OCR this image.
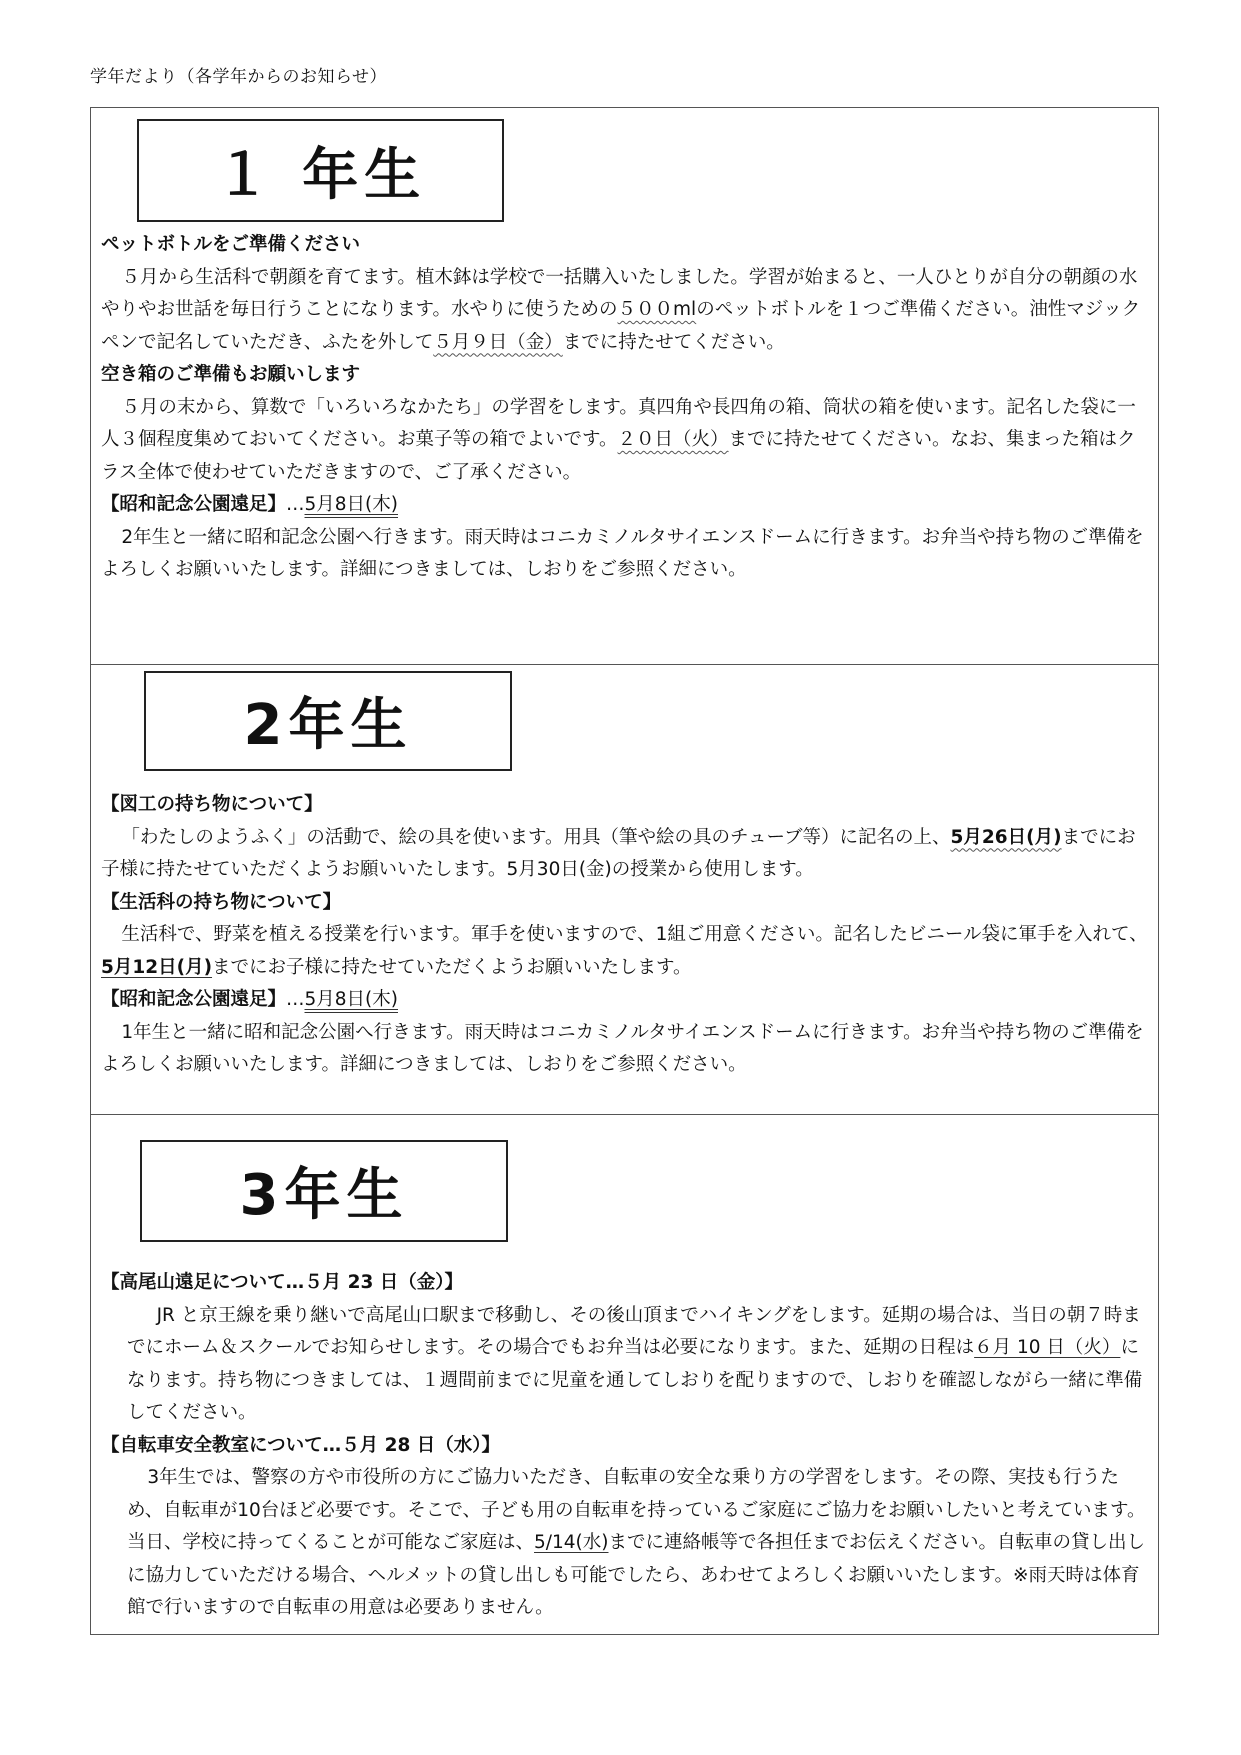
学年だより（各学年からのお知らせ）
１ 年生

ペットボトルをご準備ください

５月から生活科で朝顔を育てます。植木鉢は学校で一括購入いたしました。学習が始まると、一人ひとりが自分の朝顔の水やりやお世話を毎日行うことになります。水やりに使うための５００mlのペットボトルを１つご準備ください。油性マジックペンで記名していただき、ふたを外して５月９日（金）までに持たせてください。

空き箱のご準備もお願いします

５月の末から、算数で「いろいろなかたち」の学習をします。真四角や長四角の箱、筒状の箱を使います。記名した袋に一人３個程度集めておいてください。お菓子等の箱でよいです。２０日（火）までに持たせてください。なお、集まった箱はクラス全体で使わせていただきますので、ご了承ください。

【昭和記念公園遠足】…5月8日(木)

2年生と一緒に昭和記念公園へ行きます。雨天時はコニカミノルタサイエンスドームに行きます。お弁当や持ち物のご準備をよろしくお願いいたします。詳細につきましては、しおりをご参照ください。

2年生

【図工の持ち物について】

「わたしのようふく」の活動で、絵の具を使います。用具（筆や絵の具のチューブ等）に記名の上、5月26日(月)までにお子様に持たせていただくようお願いいたします。5月30日(金)の授業から使用します。

【生活科の持ち物について】

生活科で、野菜を植える授業を行います。軍手を使いますので、1組ご用意ください。記名したビニール袋に軍手を入れて、5月12日(月)までにお子様に持たせていただくようお願いいたします。

【昭和記念公園遠足】…5月8日(木)

1年生と一緒に昭和記念公園へ行きます。雨天時はコニカミノルタサイエンスドームに行きます。お弁当や持ち物のご準備をよろしくお願いいたします。詳細につきましては、しおりをご参照ください。

3年生

【高尾山遠足について…５月 23 日（金）】

JR と京王線を乗り継いで高尾山口駅まで移動し、その後山頂までハイキングをします。延期の場合は、当日の朝７時までにホーム＆スクールでお知らせします。その場合でもお弁当は必要になります。また、延期の日程は６月 10 日（火）になります。持ち物につきましては、１週間前までに児童を通してしおりを配りますので、しおりを確認しながら一緒に準備してください。

【自転車安全教室について…５月 28 日（水）】

3年生では、警察の方や市役所の方にご協力いただき、自転車の安全な乗り方の学習をします。その際、実技も行うため、自転車が10台ほど必要です。そこで、子ども用の自転車を持っているご家庭にご協力をお願いしたいと考えています。当日、学校に持ってくることが可能なご家庭は、5/14(水)までに連絡帳等で各担任までお伝えください。自転車の貸し出しに協力していただける場合、ヘルメットの貸し出しも可能でしたら、あわせてよろしくお願いいたします。※雨天時は体育館で行いますので自転車の用意は必要ありません。
